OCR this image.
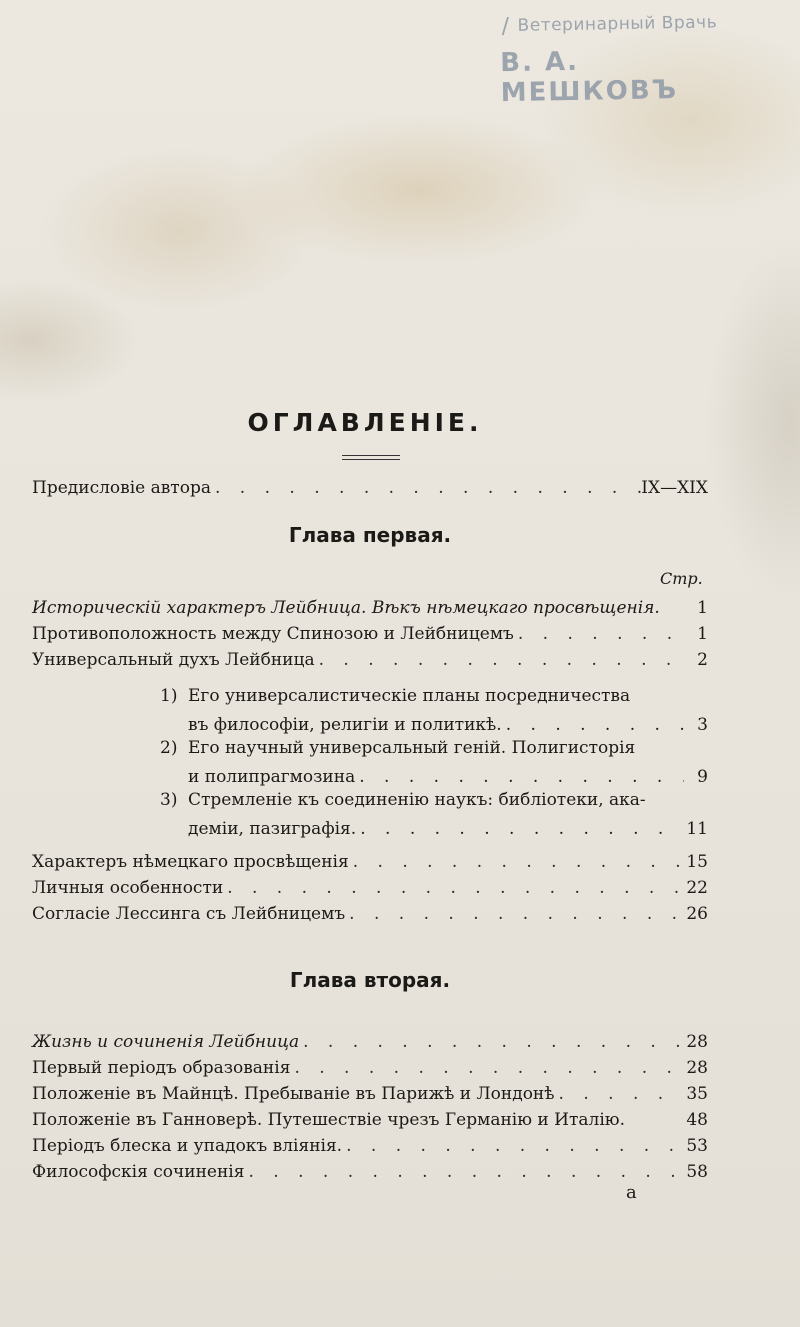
/ Ветеринарный Врачь
В. А. МЕШКОВЪ
ОГЛАВЛЕНІЕ.
Предисловіе автора . . .	IX—XIX
Глава первая.
Стр.
Историческій характеръ Лейбница. Вѣкъ нѣмецкаго просвѣщенія.	1
Противоположность между Спинозою и Лейбницемъ . . .	1
Универсальный духъ Лейбница . . .	2
1) Его универсалистическіе планы посредничества
въ философіи, религіи и политикѣ. . . .	3
2) Его научный универсальный геній. Полигисторія
и полипрагмозина . . .	9
3) Стремленіе къ соединенію наукъ: библіотеки, ака-
деміи, пазиграфія. . . .	11
Характеръ нѣмецкаго просвѣщенія . . .	15
Личныя особенности . . .	22
Согласіе Лессинга съ Лейбницемъ . . .	26
Глава вторая.
Жизнь и сочиненія Лейбница . . .	28
Первый періодъ образованія . . .	28
Положеніе въ Майнцѣ. Пребываніе въ Парижѣ и Лондонѣ . . .	35
Положеніе въ Ганноверѣ. Путешествіе чрезъ Германію и Италію.	48
Періодъ блеска и упадокъ вліянія. . . .	53
Философскія сочиненія . . .	58
a
